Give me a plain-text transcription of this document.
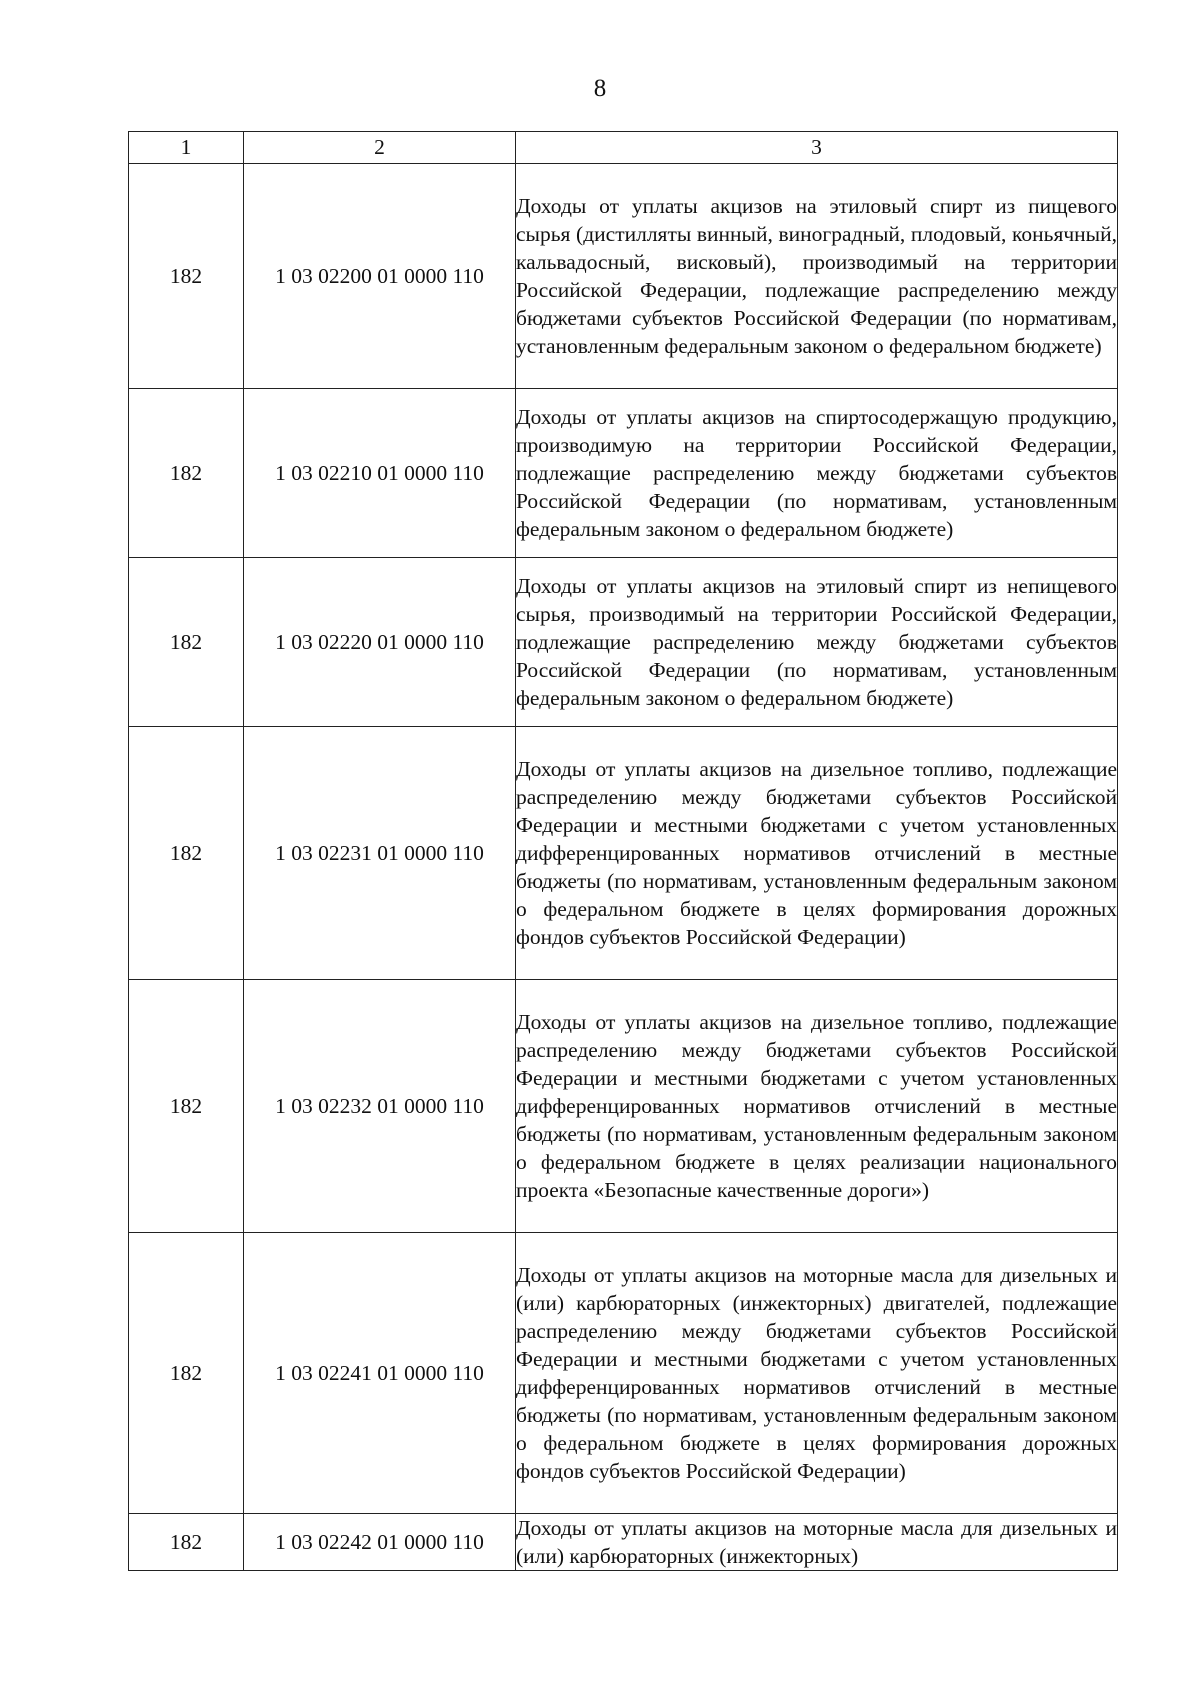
8
1	2	3
182	1 03 02200 01 0000 110	Доходы от уплаты акцизов на этиловый спирт из пищевого сырья (дистилляты винный, виноградный, плодовый, коньячный, кальвадосный, висковый), производимый на территории Российской Федерации, подлежащие распределению между бюджетами субъектов Российской Федерации (по нормативам, установленным федеральным законом о федеральном бюджете)
182	1 03 02210 01 0000 110	Доходы от уплаты акцизов на спиртосодержащую продукцию, производимую на территории Российской Федерации, подлежащие распределению между бюджетами субъектов Российской Федерации (по нормативам, установленным федеральным законом о федеральном бюджете)
182	1 03 02220 01 0000 110	Доходы от уплаты акцизов на этиловый спирт из непищевого сырья, производимый на территории Российской Федерации, подлежащие распределению между бюджетами субъектов Российской Федерации (по нормативам, установленным федеральным законом о федеральном бюджете)
182	1 03 02231 01 0000 110	Доходы от уплаты акцизов на дизельное топливо, подлежащие распределению между бюджетами субъектов Российской Федерации и местными бюджетами с учетом установленных дифференцированных нормативов отчислений в местные бюджеты (по нормативам, установленным федеральным законом о федеральном бюджете в целях формирования дорожных фондов субъектов Российской Федерации)
182	1 03 02232 01 0000 110	Доходы от уплаты акцизов на дизельное топливо, подлежащие распределению между бюджетами субъектов Российской Федерации и местными бюджетами с учетом установленных дифференцированных нормативов отчислений в местные бюджеты (по нормативам, установленным федеральным законом о федеральном бюджете в целях реализации национального проекта «Безопасные качественные дороги»)
182	1 03 02241 01 0000 110	Доходы от уплаты акцизов на моторные масла для дизельных и (или) карбюраторных (инжекторных) двигателей, подлежащие распределению между бюджетами субъектов Российской Федерации и местными бюджетами с учетом установленных дифференцированных нормативов отчислений в местные бюджеты (по нормативам, установленным федеральным законом о федеральном бюджете в целях формирования дорожных фондов субъектов Российской Федерации)
182	1 03 02242 01 0000 110	Доходы от уплаты акцизов на моторные масла для дизельных и (или) карбюраторных (инжекторных)
